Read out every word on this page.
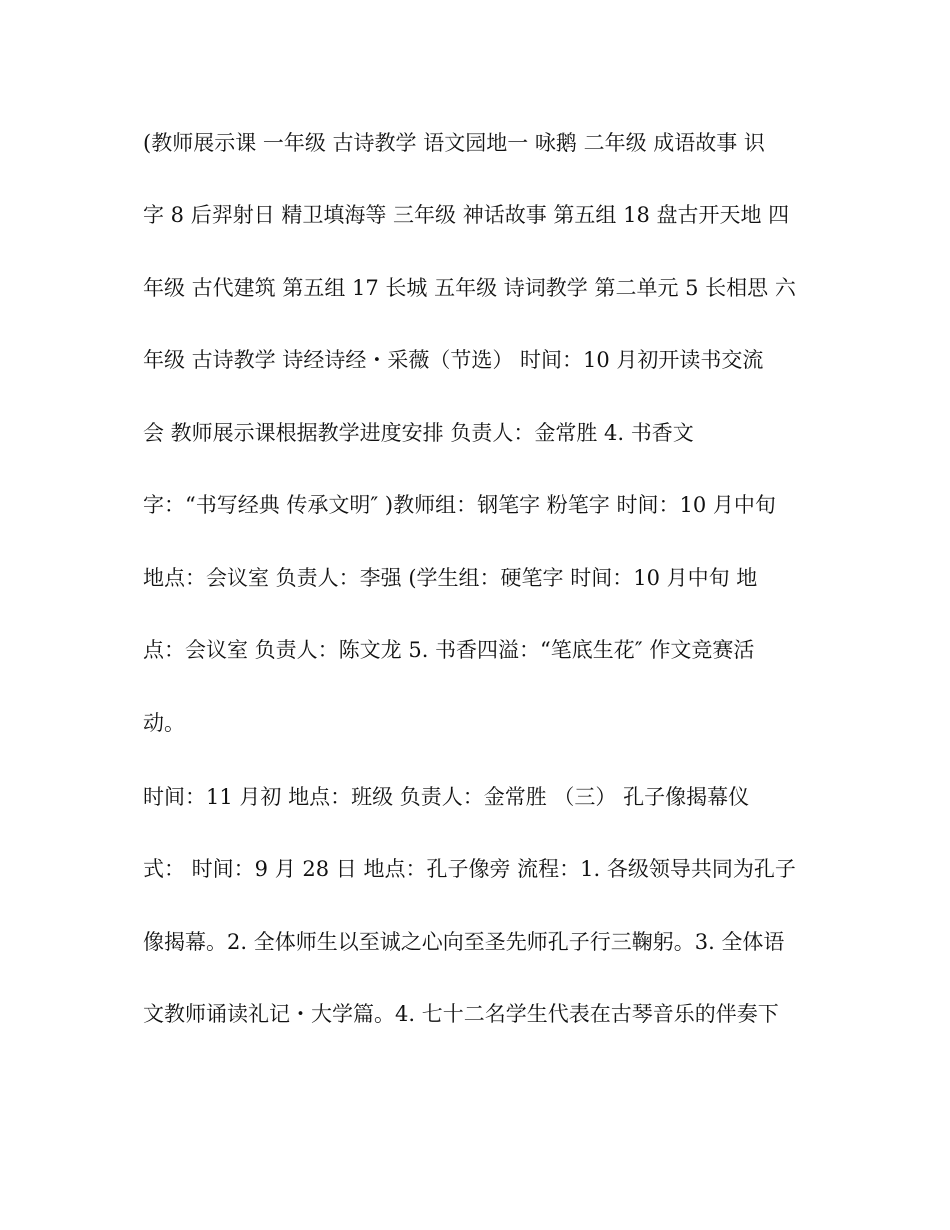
(教师展示课 一年级 古诗教学 语文园地一 咏鹅 二年级 成语故事 识
字 8 后羿射日 精卫填海等 三年级 神话故事 第五组 18 盘古开天地 四
年级 古代建筑 第五组 17 长城 五年级 诗词教学 第二单元 5 长相思 六
年级 古诗教学 诗经诗经・采薇（节选） 时间：10 月初开读书交流
会 教师展示课根据教学进度安排 负责人：金常胜 4. 书香文
字：“书写经典 传承文明″ )教师组：钢笔字 粉笔字 时间：10 月中旬
地点：会议室 负责人：李强 (学生组：硬笔字 时间：10 月中旬 地
点：会议室 负责人：陈文龙 5. 书香四溢：“笔底生花″ 作文竞赛活
动。
时间：11 月初 地点：班级 负责人：金常胜 （三） 孔子像揭幕仪
式： 时间：9 月 28 日 地点：孔子像旁 流程：1. 各级领导共同为孔子
像揭幕。2. 全体师生以至诚之心向至圣先师孔子行三鞠躬。3. 全体语
文教师诵读礼记・大学篇。4. 七十二名学生代表在古琴音乐的伴奏下
